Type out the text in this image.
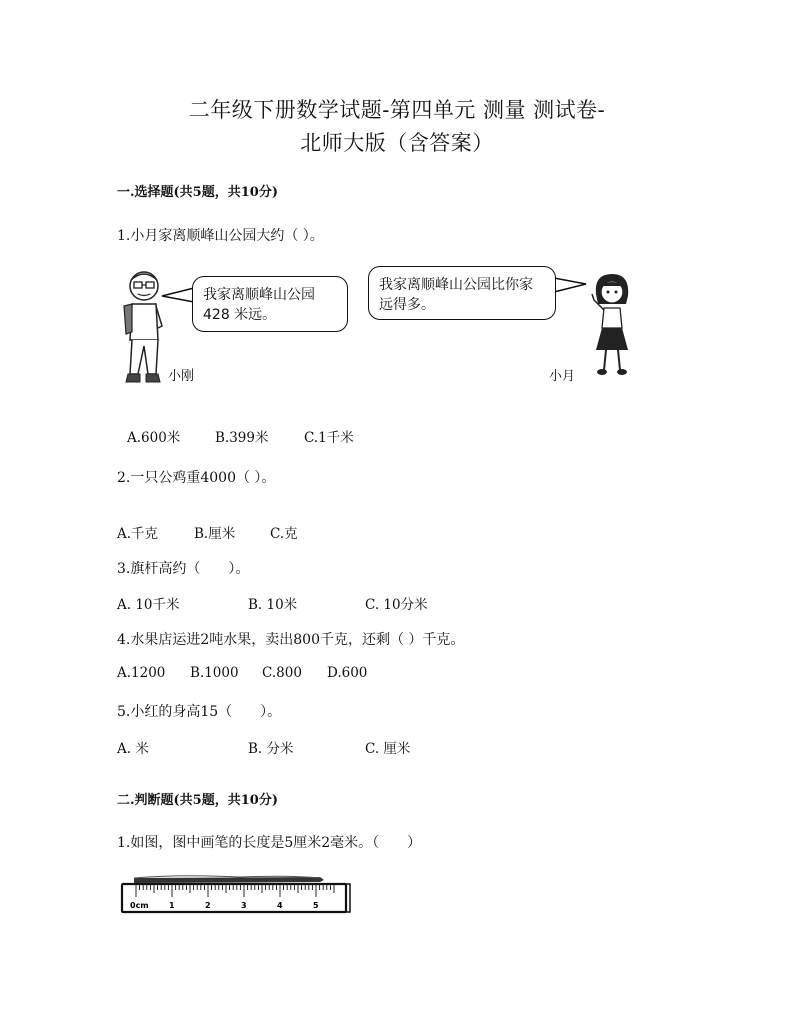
二年级下册数学试题-第四单元 测量 测试卷-
北师大版（含答案）
一.选择题(共5题，共10分)
1.小月家离顺峰山公园大约（ ）。
我家离顺峰山公园428 米远。
小刚
我家离顺峰山公园比你家远得多。
小月
A.600米	B.399米	C.1千米
2.一只公鸡重4000（ ）。
A.千克	B.厘米	C.克
3.旗杆高约（　　）。
A. 10千米	B. 10米	C. 10分米
4.水果店运进2吨水果，卖出800千克，还剩（ ）千克。
A.1200 B.1000 C.800 D.600
5.小红的身高15（　　）。
A. 米	B. 分米	C. 厘米
二.判断题(共5题，共10分)
1.如图，图中画笔的长度是5厘米2毫米。（　　）
0cm	1	2	3	4	5
